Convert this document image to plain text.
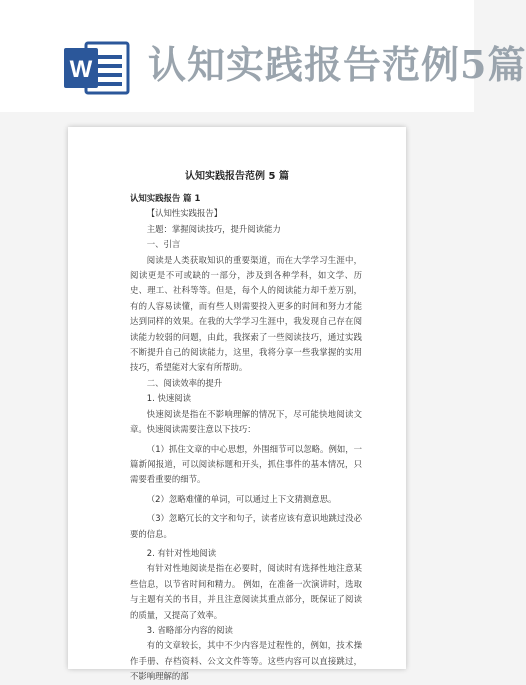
W 认知实践报告范例5篇
认知实践报告范例 5 篇

认知实践报告 篇 1

【认知性实践报告】

主题：掌握阅读技巧，提升阅读能力

一、引言

阅读是人类获取知识的重要渠道，而在大学学习生涯中，阅读更是不可或缺的一部分，涉及到各种学科，如文学、历史、理工、社科等等。但是，每个人的阅读能力却千差万别，有的人容易读懂，而有些人则需要投入更多的时间和努力才能达到同样的效果。在我的大学学习生涯中，我发现自己存在阅读能力较弱的问题，由此，我探索了一些阅读技巧，通过实践不断提升自己的阅读能力，这里，我将分享一些我掌握的实用技巧，希望能对大家有所帮助。

二、阅读效率的提升

1. 快速阅读

快速阅读是指在不影响理解的情况下，尽可能快地阅读文章。快速阅读需要注意以下技巧：

（1）抓住文章的中心思想，外围细节可以忽略。例如，一篇新闻报道，可以阅读标题和开头，抓住事件的基本情况，只需要看重要的细节。

（2）忽略难懂的单词，可以通过上下文猜测意思。

（3）忽略冗长的文字和句子，读者应该有意识地跳过没必要的信息。

2. 有针对性地阅读

有针对性地阅读是指在必要时，阅读时有选择性地注意某些信息，以节省时间和精力。 例如，在准备一次演讲时，选取与主题有关的书目，并且注意阅读其重点部分，既保证了阅读的质量，又提高了效率。

3. 省略部分内容的阅读

有的文章较长，其中不少内容是过程性的，例如，技术操作手册、存档资料、公文文件等等。这些内容可以直接跳过，不影响理解的部
